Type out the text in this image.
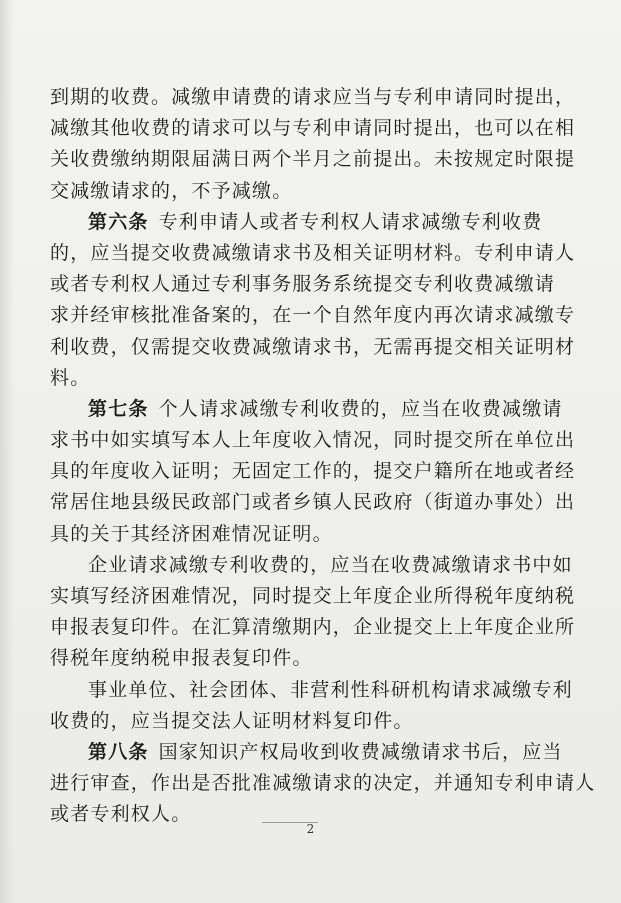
到期的收费。减缴申请费的请求应当与专利申请同时提出，
减缴其他收费的请求可以与专利申请同时提出，也可以在相
关收费缴纳期限届满日两个半月之前提出。未按规定时限提
交减缴请求的，不予减缴。
第六条 专利申请人或者专利权人请求减缴专利收费
的，应当提交收费减缴请求书及相关证明材料。专利申请人
或者专利权人通过专利事务服务系统提交专利收费减缴请
求并经审核批准备案的，在一个自然年度内再次请求减缴专
利收费，仅需提交收费减缴请求书，无需再提交相关证明材
料。
第七条 个人请求减缴专利收费的，应当在收费减缴请
求书中如实填写本人上年度收入情况，同时提交所在单位出
具的年度收入证明；无固定工作的，提交户籍所在地或者经
常居住地县级民政部门或者乡镇人民政府（街道办事处）出
具的关于其经济困难情况证明。
企业请求减缴专利收费的，应当在收费减缴请求书中如
实填写经济困难情况，同时提交上年度企业所得税年度纳税
申报表复印件。在汇算清缴期内，企业提交上上年度企业所
得税年度纳税申报表复印件。
事业单位、社会团体、非营利性科研机构请求减缴专利
收费的，应当提交法人证明材料复印件。
第八条 国家知识产权局收到收费减缴请求书后，应当
进行审查，作出是否批准减缴请求的决定，并通知专利申请人
或者专利权人。
2
